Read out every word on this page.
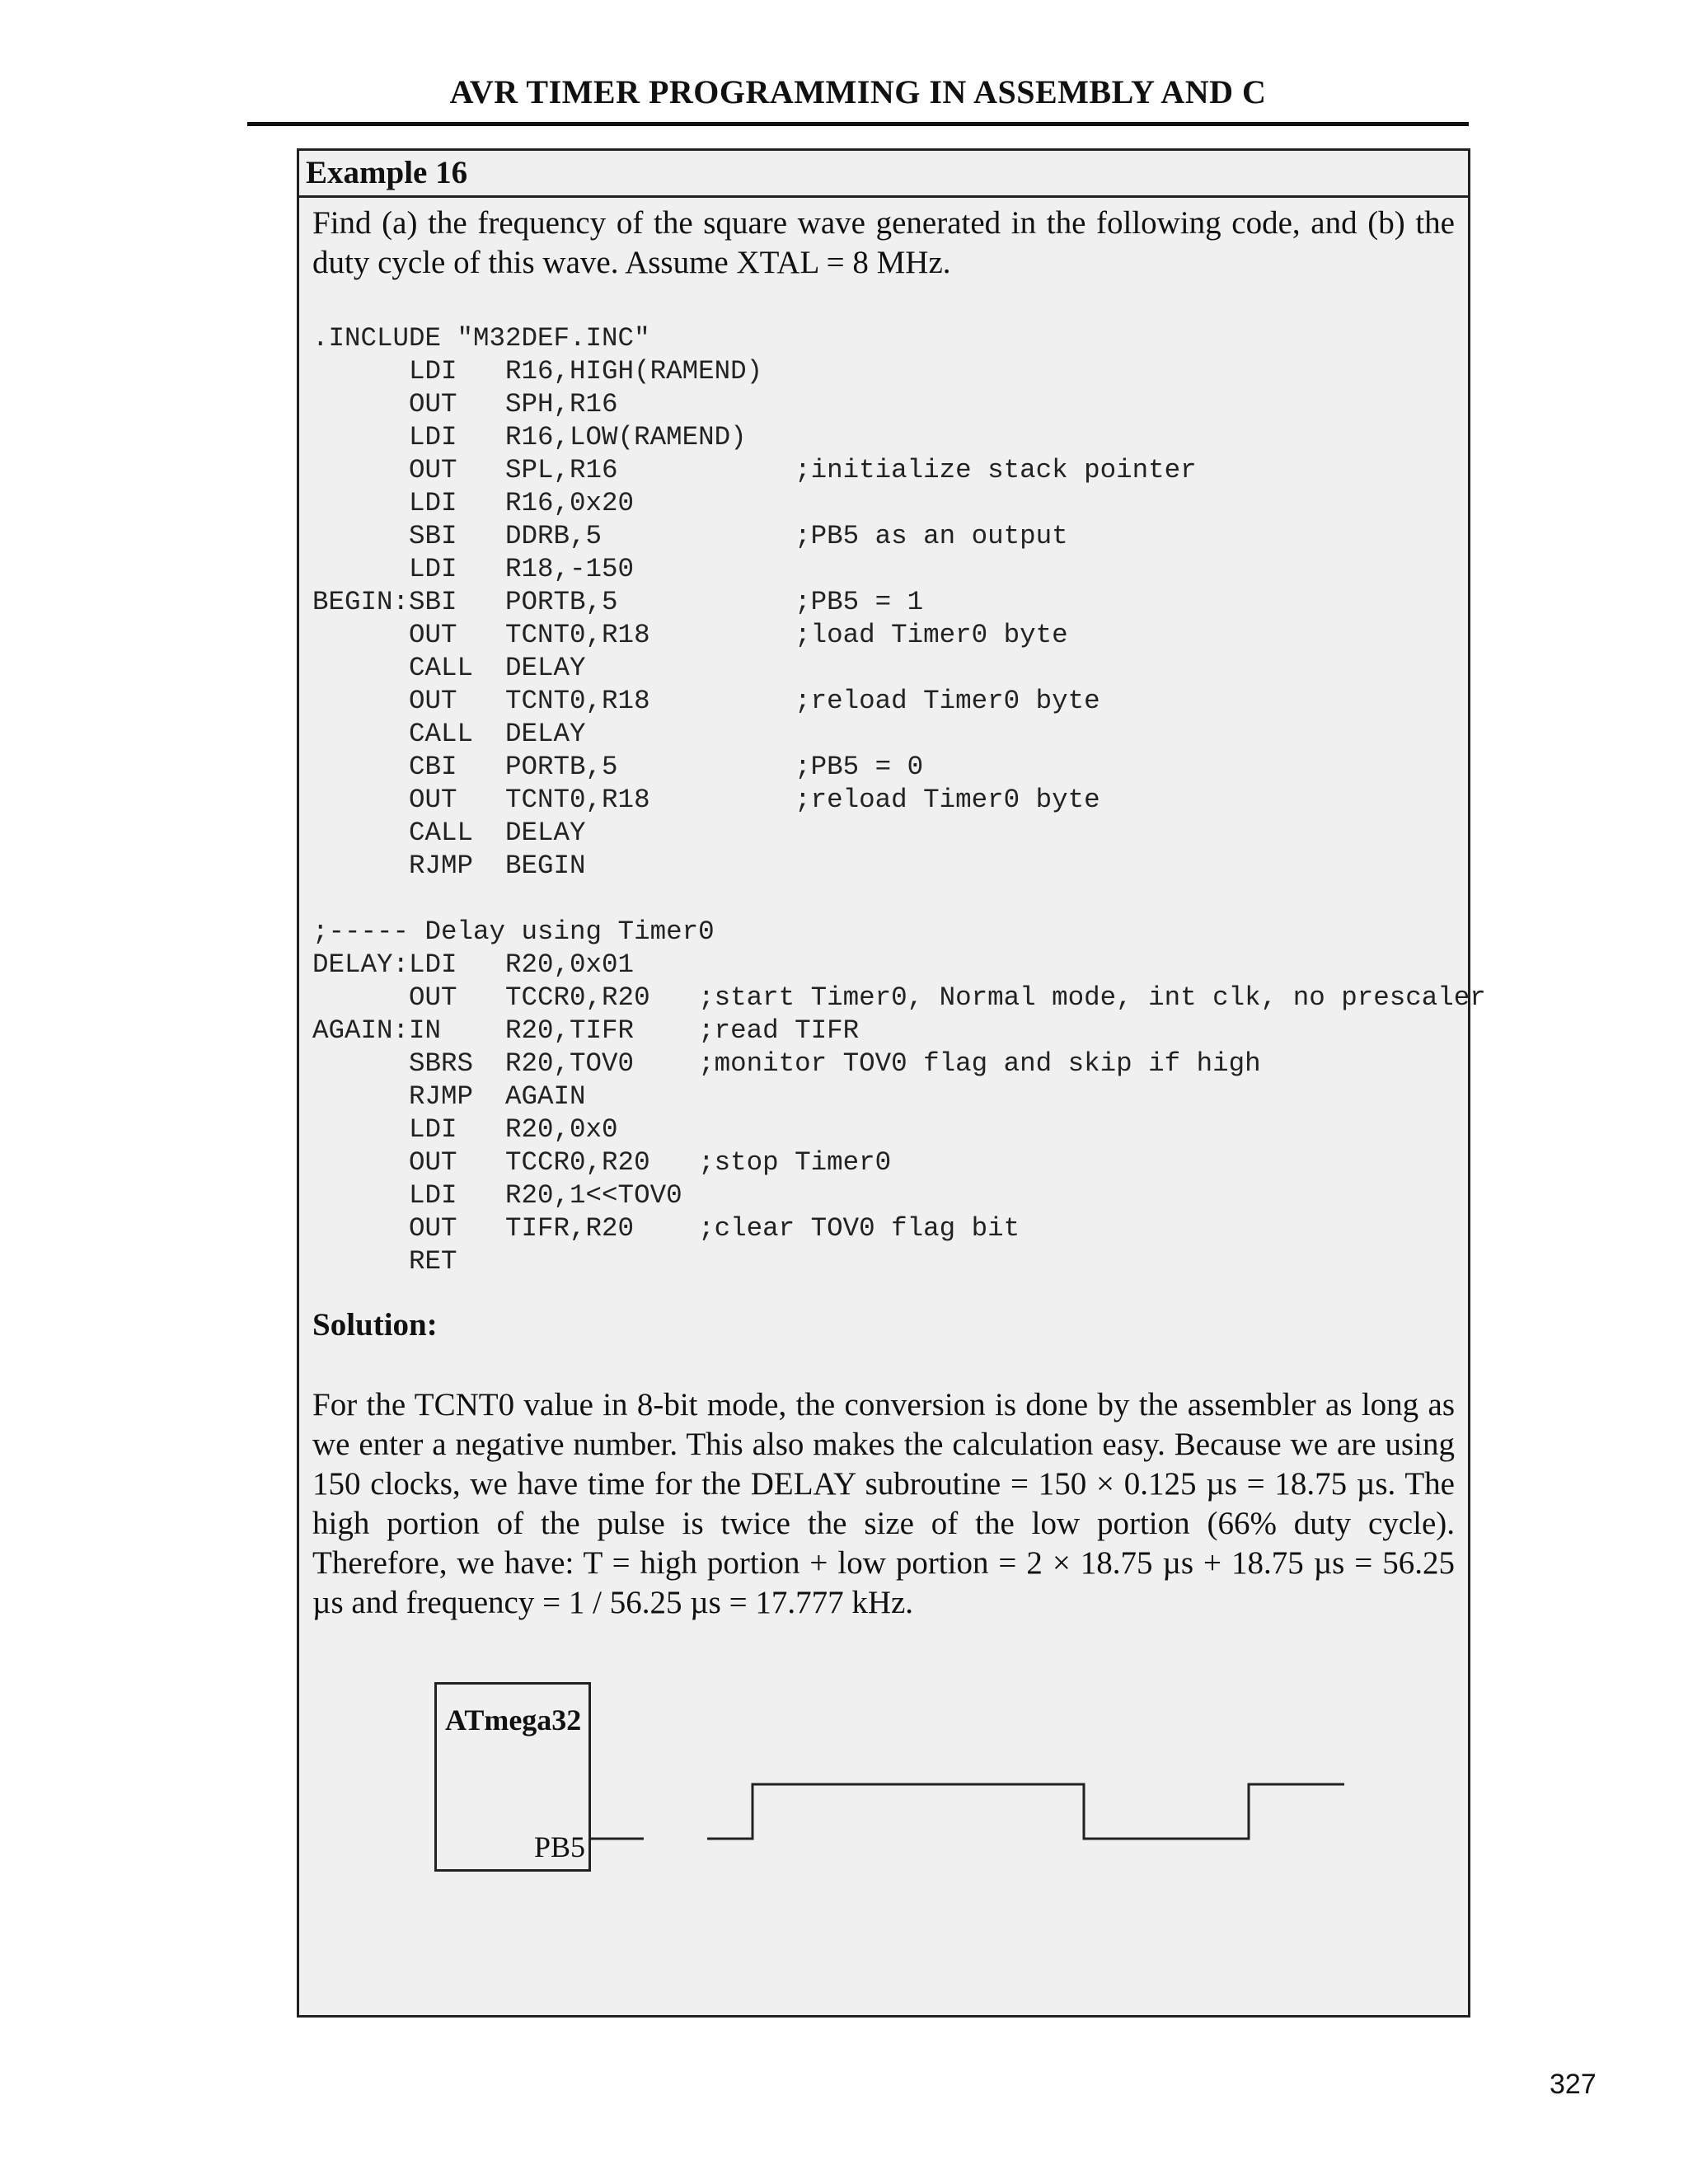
AVR TIMER PROGRAMMING IN ASSEMBLY AND C
Example 16
Find (a) the frequency of the square wave generated in the following code, and (b) the duty cycle of this wave. Assume XTAL = 8 MHz.
.INCLUDE "M32DEF.INC"
LDI   R16,HIGH(RAMEND)
OUT   SPH,R16
LDI   R16,LOW(RAMEND)
OUT   SPL,R16           ;initialize stack pointer
LDI   R16,0x20
SBI   DDRB,5            ;PB5 as an output
LDI   R18,-150
BEGIN:SBI   PORTB,5           ;PB5 = 1
OUT   TCNT0,R18         ;load Timer0 byte
CALL  DELAY
OUT   TCNT0,R18         ;reload Timer0 byte
CALL  DELAY
CBI   PORTB,5           ;PB5 = 0
OUT   TCNT0,R18         ;reload Timer0 byte
CALL  DELAY
RJMP  BEGIN
;----- Delay using Timer0
DELAY:LDI   R20,0x01
OUT   TCCR0,R20   ;start Timer0, Normal mode, int clk, no prescaler
AGAIN:IN    R20,TIFR    ;read TIFR
SBRS  R20,TOV0    ;monitor TOV0 flag and skip if high
RJMP  AGAIN
LDI   R20,0x0
OUT   TCCR0,R20   ;stop Timer0
LDI   R20,1<<TOV0
OUT   TIFR,R20    ;clear TOV0 flag bit
RET
Solution:
For the TCNT0 value in 8-bit mode, the conversion is done by the assembler as long as we enter a negative number. This also makes the calculation easy. Because we are using 150 clocks, we have time for the DELAY subroutine = 150 × 0.125 µs = 18.75 µs. The high portion of the pulse is twice the size of the low portion (66% duty cycle). Therefore, we have: T = high portion + low portion = 2 × 18.75 µs + 18.75 µs = 56.25 µs and frequency = 1 / 56.25 µs = 17.777 kHz.
ATmega32
PB5
327
